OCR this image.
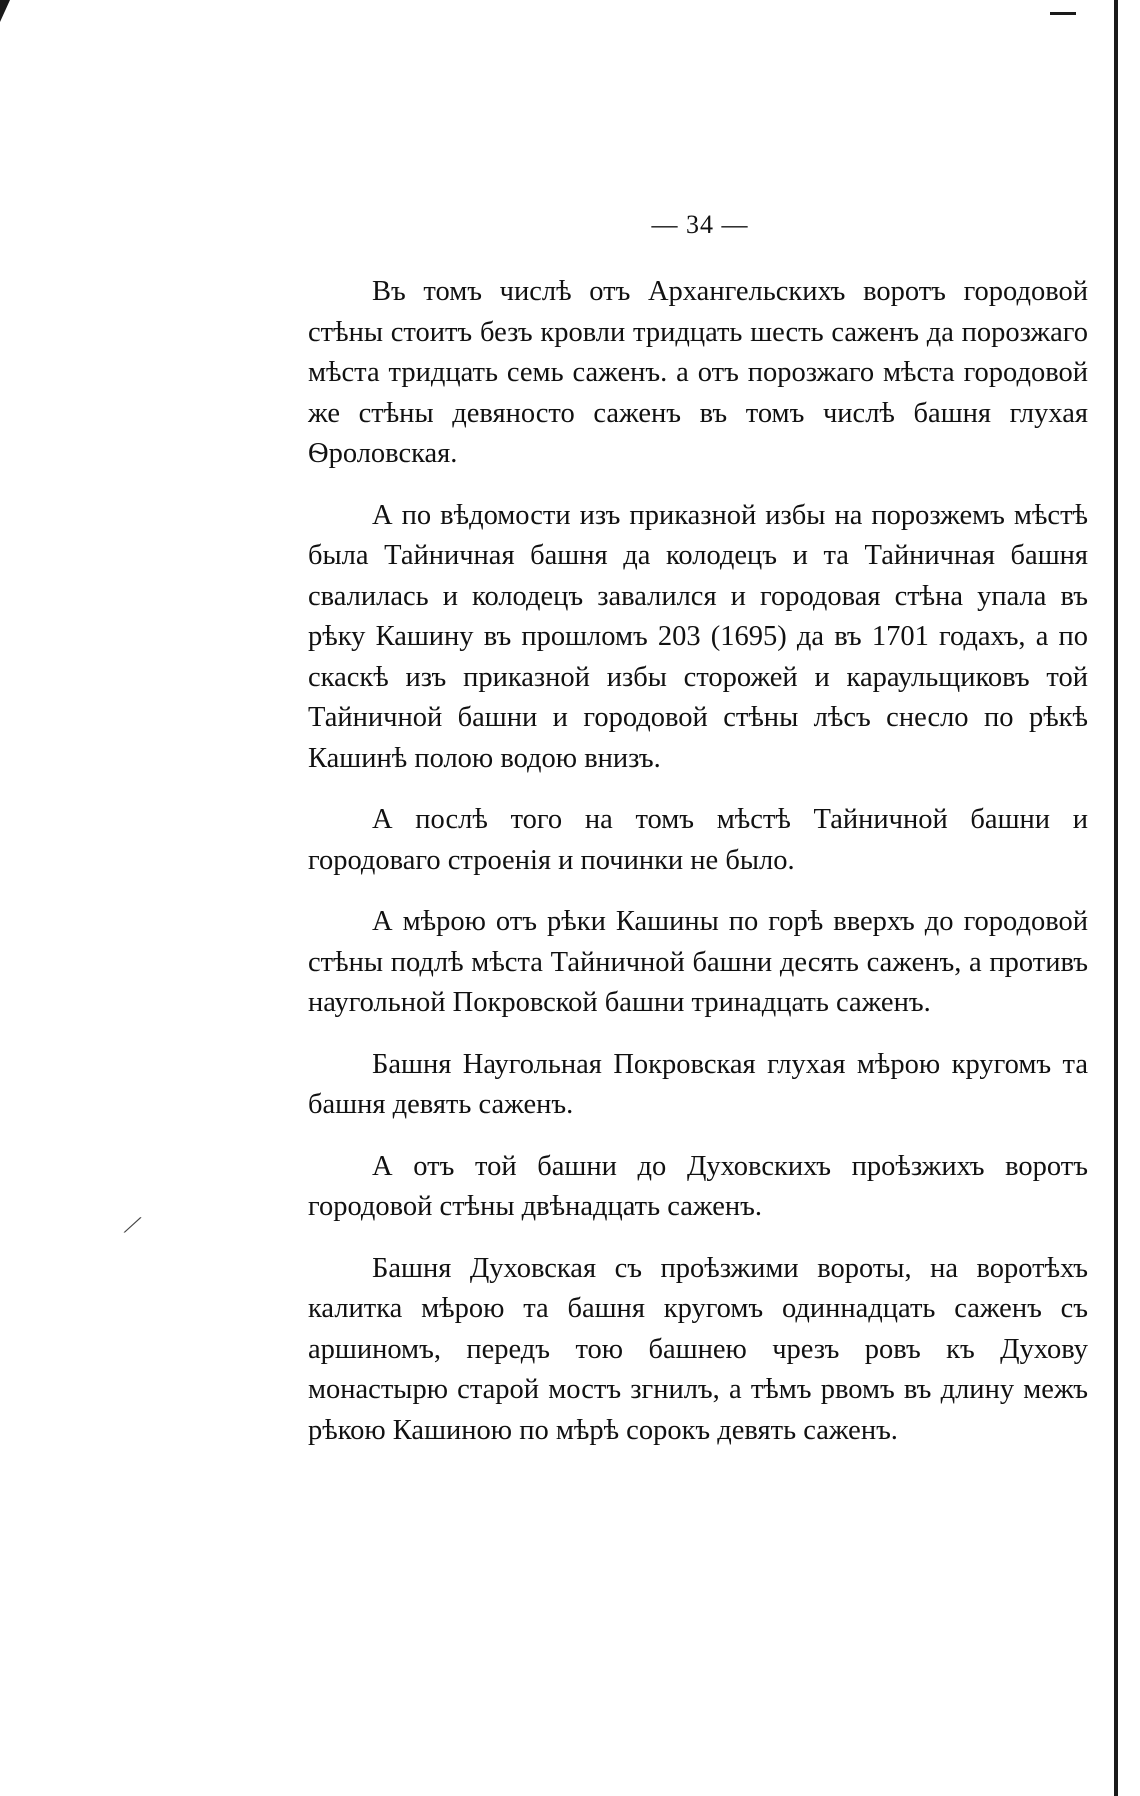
⁄
— 34 —

Въ томъ числѣ отъ Архангельскихъ воротъ городовой стѣны стоитъ безъ кровли тридцать шесть саженъ да порозжаго мѣста тридцать семь саженъ. а отъ порозжаго мѣста городовой же стѣны девяносто саженъ въ томъ числѣ башня глухая Ѳроловская.

А по вѣдомости изъ приказной избы на порозжемъ мѣстѣ была Тайничная башня да колодецъ и та Тайничная башня свалилась и колодецъ завалился и городовая стѣна упала въ рѣку Кашину въ прошломъ 203 (1695) да въ 1701 годахъ, а по скаскѣ изъ приказной избы сторожей и караульщиковъ той Тайничной башни и городовой стѣны лѣсъ снесло по рѣкѣ Кашинѣ полою водою внизъ.

А послѣ того на томъ мѣстѣ Тайничной башни и городоваго строенія и починки не было.

А мѣрою отъ рѣки Кашины по горѣ вверхъ до городовой стѣны подлѣ мѣста Тайничной башни десять саженъ, а противъ наугольной Покровской башни тринадцать саженъ.

Башня Наугольная Покровская глухая мѣрою кругомъ та башня девять саженъ.

А отъ той башни до Духовскихъ проѣзжихъ воротъ городовой стѣны двѣнадцать саженъ.

Башня Духовская съ проѣзжими вороты, на воротѣхъ калитка мѣрою та башня кругомъ одиннадцать саженъ съ аршиномъ, передъ тою башнею чрезъ ровъ къ Духову монастырю старой мостъ згнилъ, а тѣмъ рвомъ въ длину межъ рѣкою Кашиною по мѣрѣ сорокъ девять саженъ.
